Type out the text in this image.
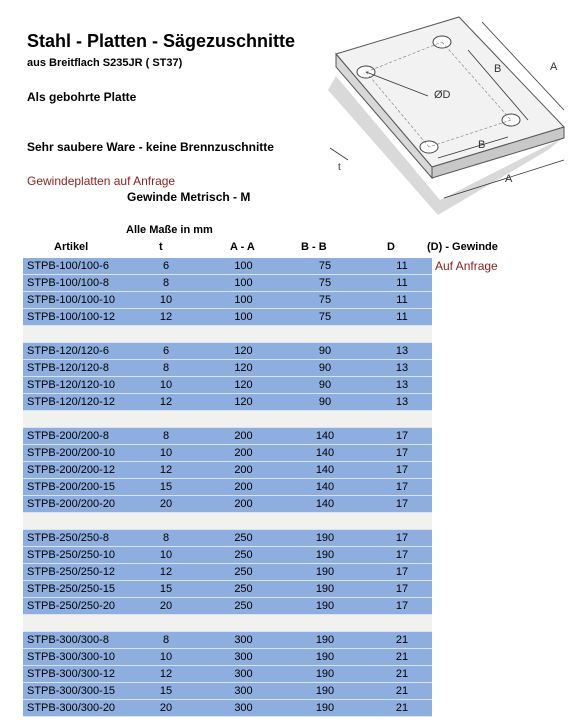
Stahl - Platten - Sägezuschnitte
aus Breitflach S235JR ( ST37)
Als gebohrte Platte
Sehr saubere Ware - keine Brennzuschnitte
Gewindeplatten auf Anfrage
Gewinde Metrisch - M
Alle Maße in mm
Artikel	t	A - A	B - B	D	(D) - Gewinde
Auf Anfrage
STPB-100/100-6	6	100	75	11
STPB-100/100-8	8	100	75	11
STPB-100/100-10	10	100	75	11
STPB-100/100-12	12	100	75	11
STPB-120/120-6	6	120	90	13
STPB-120/120-8	8	120	90	13
STPB-120/120-10	10	120	90	13
STPB-120/120-12	12	120	90	13
STPB-200/200-8	8	200	140	17
STPB-200/200-10	10	200	140	17
STPB-200/200-12	12	200	140	17
STPB-200/200-15	15	200	140	17
STPB-200/200-20	20	200	140	17
STPB-250/250-8	8	250	190	17
STPB-250/250-10	10	250	190	17
STPB-250/250-12	12	250	190	17
STPB-250/250-15	15	250	190	17
STPB-250/250-20	20	250	190	17
STPB-300/300-8	8	300	190	21
STPB-300/300-10	10	300	190	21
STPB-300/300-12	12	300	190	21
STPB-300/300-15	15	300	190	21
STPB-300/300-20	20	300	190	21
ØD
B	A
B
A
t
